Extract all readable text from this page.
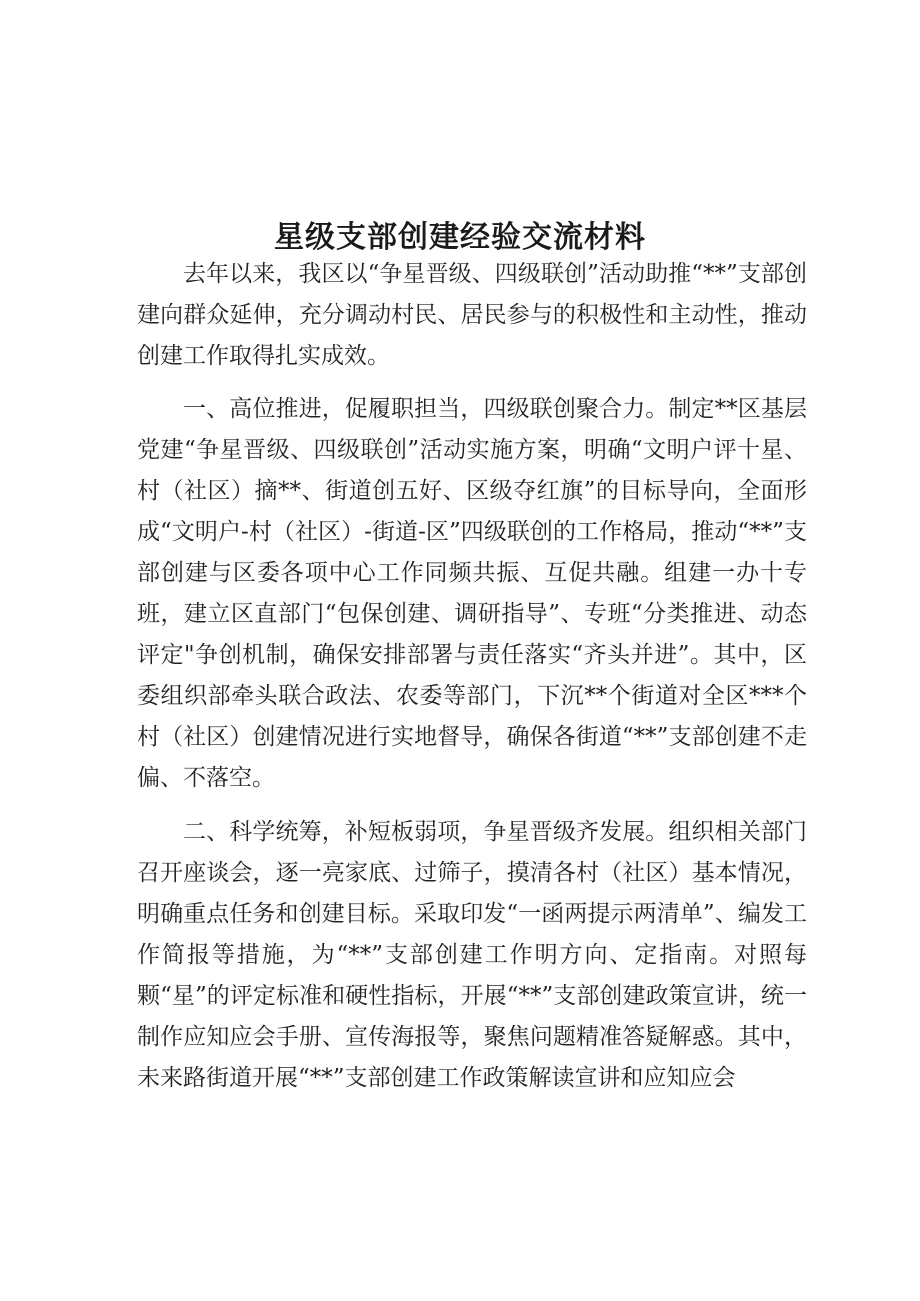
星级支部创建经验交流材料

去年以来，我区以“争星晋级、四级联创”活动助推“**”支部创建向群众延伸，充分调动村民、居民参与的积极性和主动性，推动创建工作取得扎实成效。

一、高位推进，促履职担当，四级联创聚合力。制定**区基层党建“争星晋级、四级联创”活动实施方案，明确“文明户评十星、村（社区）摘**、街道创五好、区级夺红旗”的目标导向，全面形成“文明户-村（社区）-街道-区”四级联创的工作格局，推动“**”支部创建与区委各项中心工作同频共振、互促共融。组建一办十专班，建立区直部门“包保创建、调研指导”、专班“分类推进、动态评定"争创机制，确保安排部署与责任落实“齐头并进”。其中，区委组织部牵头联合政法、农委等部门，下沉**个街道对全区***个村（社区）创建情况进行实地督导，确保各街道“**”支部创建不走偏、不落空。

二、科学统筹，补短板弱项，争星晋级齐发展。组织相关部门召开座谈会，逐一亮家底、过筛子，摸清各村（社区）基本情况，明确重点任务和创建目标。采取印发“一函两提示两清单”、编发工作简报等措施，为“**”支部创建工作明方向、定指南。对照每颗“星”的评定标准和硬性指标，开展“**”支部创建政策宣讲，统一制作应知应会手册、宣传海报等，聚焦问题精准答疑解惑。其中，未来路街道开展“**”支部创建工作政策解读宣讲和应知应会
